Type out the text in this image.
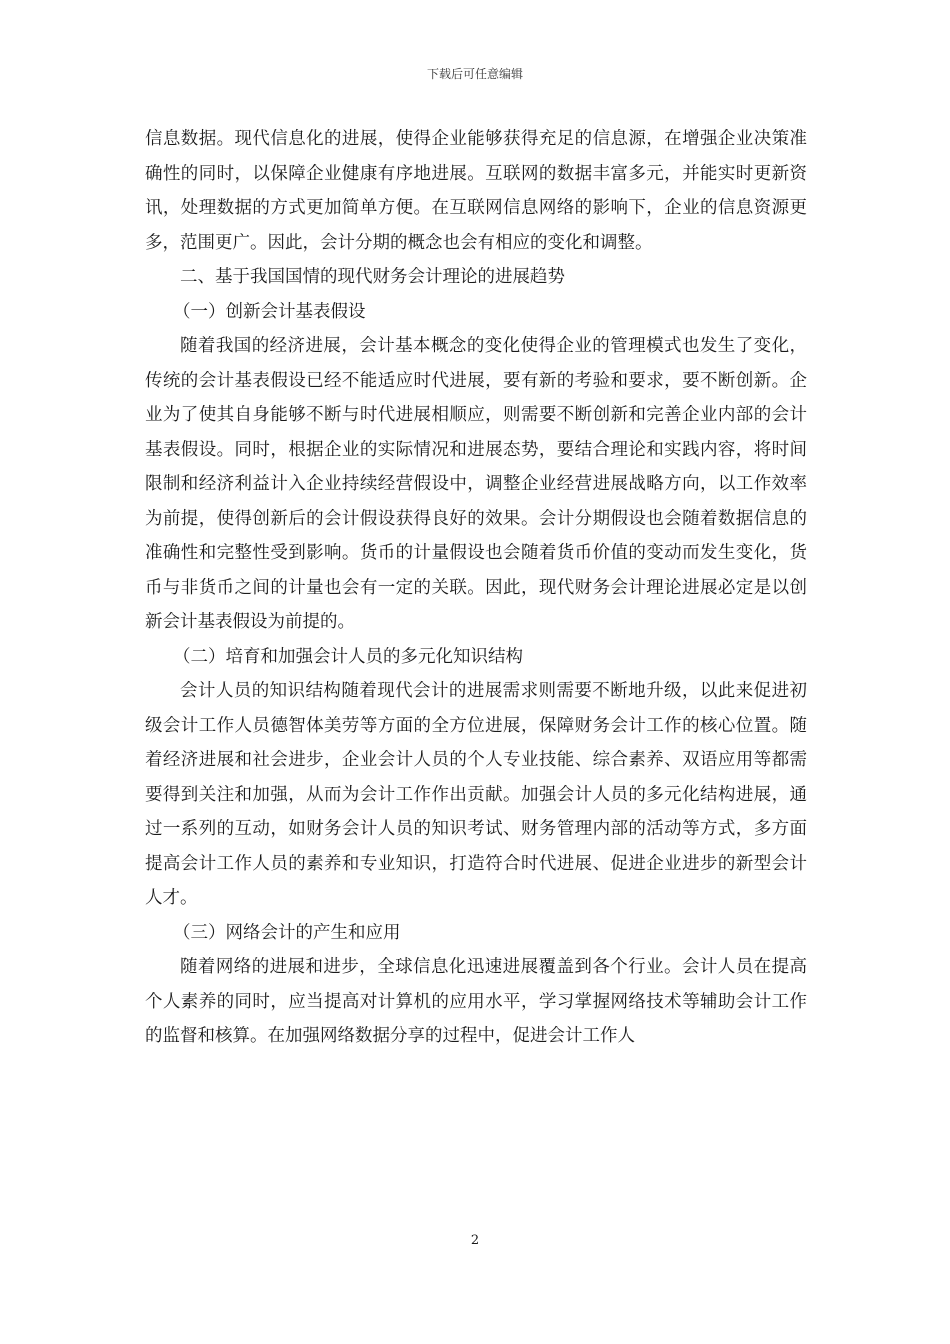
下载后可任意编辑

信息数据。现代信息化的进展，使得企业能够获得充足的信息源，在增强企业决策准确性的同时，以保障企业健康有序地进展。互联网的数据丰富多元，并能实时更新资讯，处理数据的方式更加简单方便。在互联网信息网络的影响下，企业的信息资源更多，范围更广。因此，会计分期的概念也会有相应的变化和调整。

二、基于我国国情的现代财务会计理论的进展趋势

（一）创新会计基表假设

随着我国的经济进展，会计基本概念的变化使得企业的管理模式也发生了变化，传统的会计基表假设已经不能适应时代进展，要有新的考验和要求，要不断创新。企业为了使其自身能够不断与时代进展相顺应，则需要不断创新和完善企业内部的会计基表假设。同时，根据企业的实际情况和进展态势，要结合理论和实践内容，将时间限制和经济利益计入企业持续经营假设中，调整企业经营进展战略方向，以工作效率为前提，使得创新后的会计假设获得良好的效果。会计分期假设也会随着数据信息的准确性和完整性受到影响。货币的计量假设也会随着货币价值的变动而发生变化，货币与非货币之间的计量也会有一定的关联。因此，现代财务会计理论进展必定是以创新会计基表假设为前提的。

（二）培育和加强会计人员的多元化知识结构

会计人员的知识结构随着现代会计的进展需求则需要不断地升级，以此来促进初级会计工作人员德智体美劳等方面的全方位进展，保障财务会计工作的核心位置。随着经济进展和社会进步，企业会计人员的个人专业技能、综合素养、双语应用等都需要得到关注和加强，从而为会计工作作出贡献。加强会计人员的多元化结构进展，通过一系列的互动，如财务会计人员的知识考试、财务管理内部的活动等方式，多方面提高会计工作人员的素养和专业知识，打造符合时代进展、促进企业进步的新型会计人才。

（三）网络会计的产生和应用

随着网络的进展和进步，全球信息化迅速进展覆盖到各个行业。会计人员在提高个人素养的同时，应当提高对计算机的应用水平，学习掌握网络技术等辅助会计工作的监督和核算。在加强网络数据分享的过程中，促进会计工作人

2
